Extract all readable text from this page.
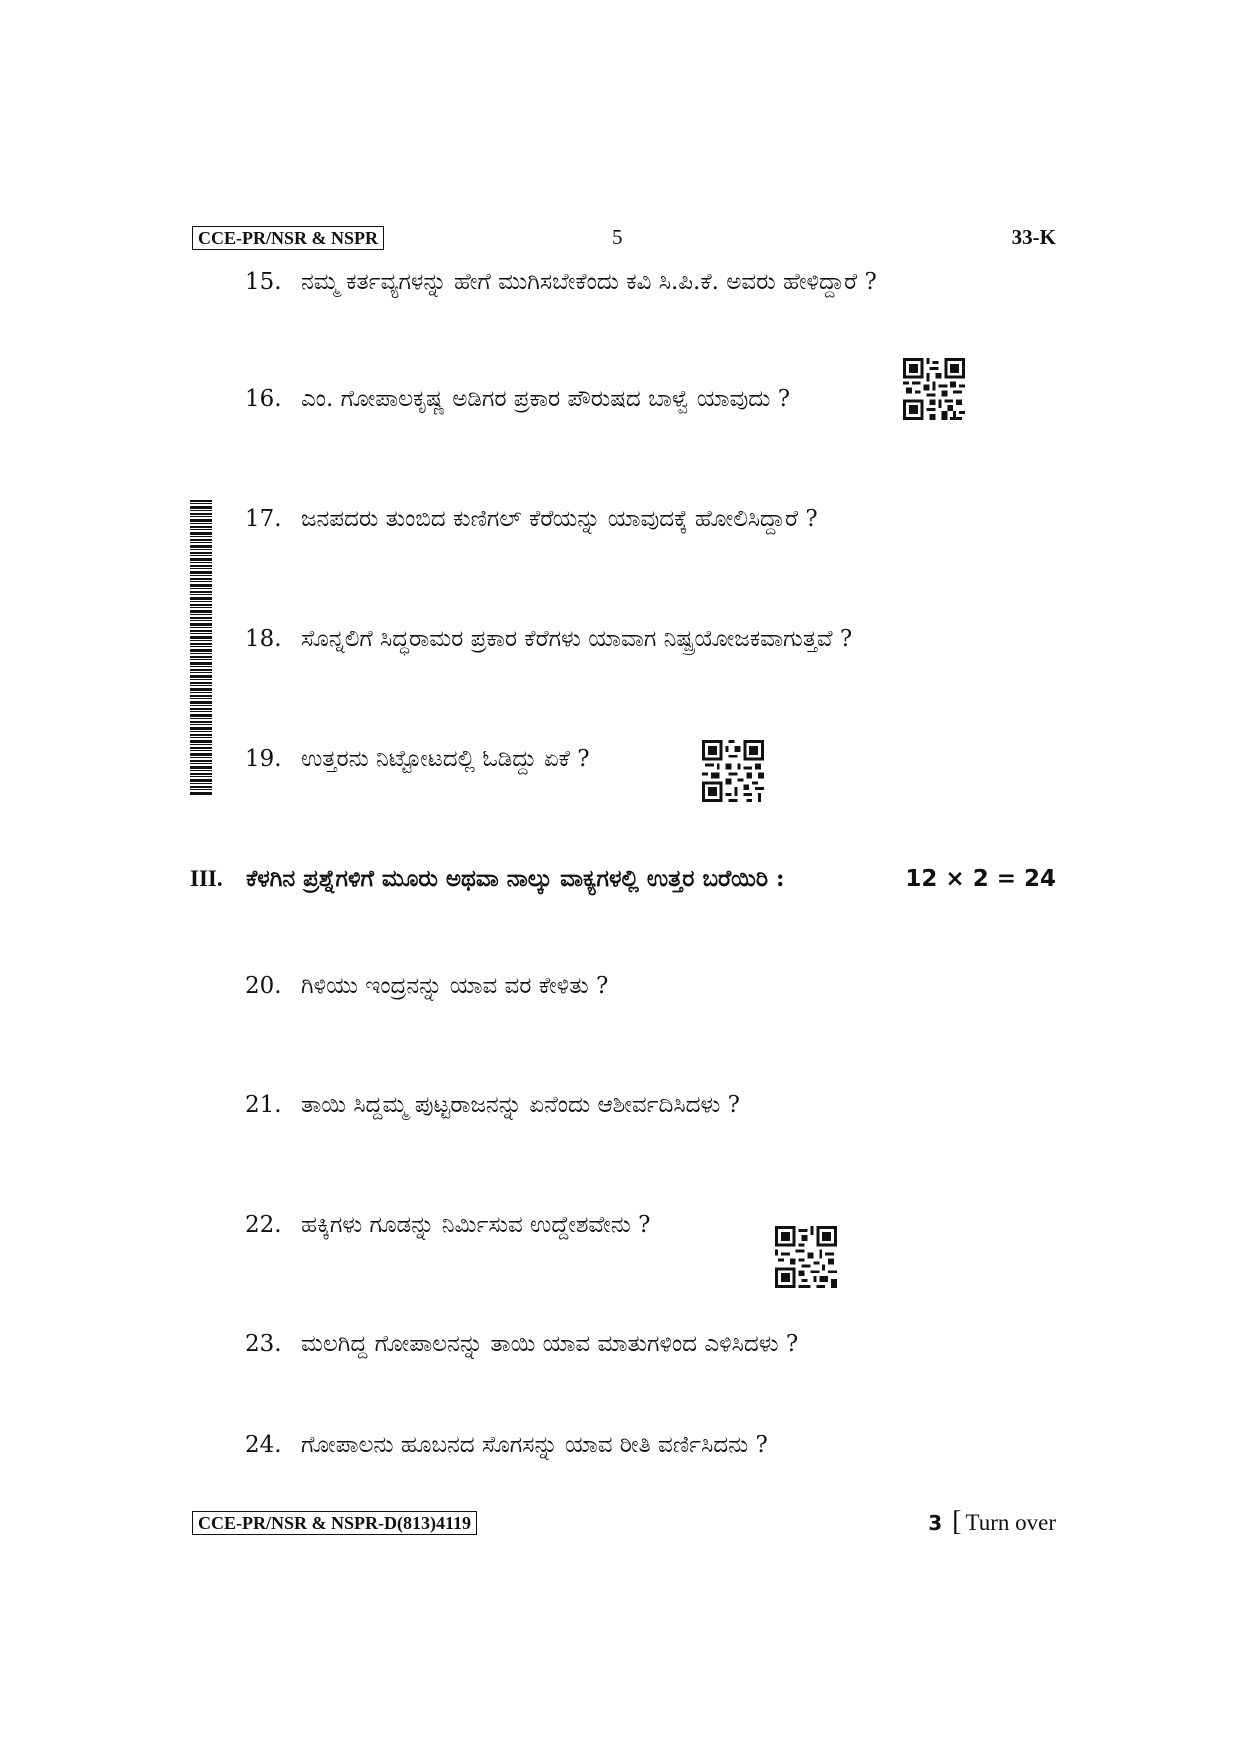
CCE-PR/NSR & NSPR	5	33-K
15. ನಮ್ಮ ಕರ್ತವ್ಯಗಳನ್ನು ಹೇಗೆ ಮುಗಿಸಬೇಕೆಂದು ಕವಿ ಸಿ.ಪಿ.ಕೆ. ಅವರು ಹೇಳಿದ್ದಾರೆ ?
16. ಎಂ. ಗೋಪಾಲಕೃಷ್ಣ ಅಡಿಗರ ಪ್ರಕಾರ ಪೌರುಷದ ಬಾಳ್ವೆ ಯಾವುದು ?
17. ಜನಪದರು ತುಂಬಿದ ಕುಣಿಗಲ್ ಕೆರೆಯನ್ನು ಯಾವುದಕ್ಕೆ ಹೋಲಿಸಿದ್ದಾರೆ ?
18. ಸೊನ್ನಲಿಗೆ ಸಿದ್ಧರಾಮರ ಪ್ರಕಾರ ಕೆರೆಗಳು ಯಾವಾಗ ನಿಷ್ಪ್ರಯೋಜಕವಾಗುತ್ತವೆ ?
19. ಉತ್ತರನು ನಿಟ್ಟೋಟದಲ್ಲಿ ಓಡಿದ್ದು ಏಕೆ ?
III. ಕೆಳಗಿನ ಪ್ರಶ್ನೆಗಳಿಗೆ ಮೂರು ಅಥವಾ ನಾಲ್ಕು ವಾಕ್ಯಗಳಲ್ಲಿ ಉತ್ತರ ಬರೆಯಿರಿ :	12 × 2 = 24
20. ಗಿಳಿಯು ಇಂದ್ರನನ್ನು ಯಾವ ವರ ಕೇಳಿತು ?
21. ತಾಯಿ ಸಿದ್ದಮ್ಮ ಪುಟ್ಟರಾಜನನ್ನು ಏನೆಂದು ಆಶೀರ್ವದಿಸಿದಳು ?
22. ಹಕ್ಕಿಗಳು ಗೂಡನ್ನು ನಿರ್ಮಿಸುವ ಉದ್ದೇಶವೇನು ?
23. ಮಲಗಿದ್ದ ಗೋಪಾಲನನ್ನು ತಾಯಿ ಯಾವ ಮಾತುಗಳಿಂದ ಎಳಿಸಿದಳು ?
24. ಗೋಪಾಲನು ಹೂಬನದ ಸೊಗಸನ್ನು ಯಾವ ರೀತಿ ವರ್ಣಿಸಿದನು ?
CCE-PR/NSR & NSPR-D(813)4119	3 [ Turn over
